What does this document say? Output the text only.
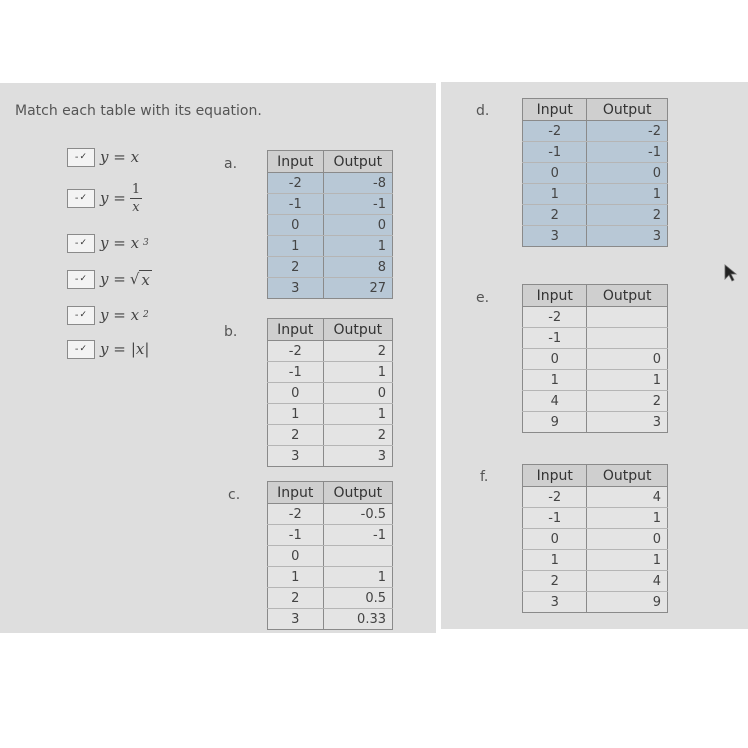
Match each table with its equation.
- ✓ y = x
- ✓ $y = \frac{1}{x}$
- ✓ y = x 3
- ✓ y = √ x
- ✓ y = x 2
- ✓ y = |x|
a.
b.
c.
d.
e.
f.
Input	Output
-2	-8
-1	-1
0	0
1	1
2	8
3	27
Input	Output
-2	2
-1	1
0	0
1	1
2	2
3	3
Input	Output
-2	-0.5
-1	-1
0	
1	1
2	0.5
3	0.33
Input	Output
-2	-2
-1	-1
0	0
1	1
2	2
3	3
Input	Output
-2	
-1	
0	0
1	1
4	2
9	3
Input	Output
-2	4
-1	1
0	0
1	1
2	4
3	9
